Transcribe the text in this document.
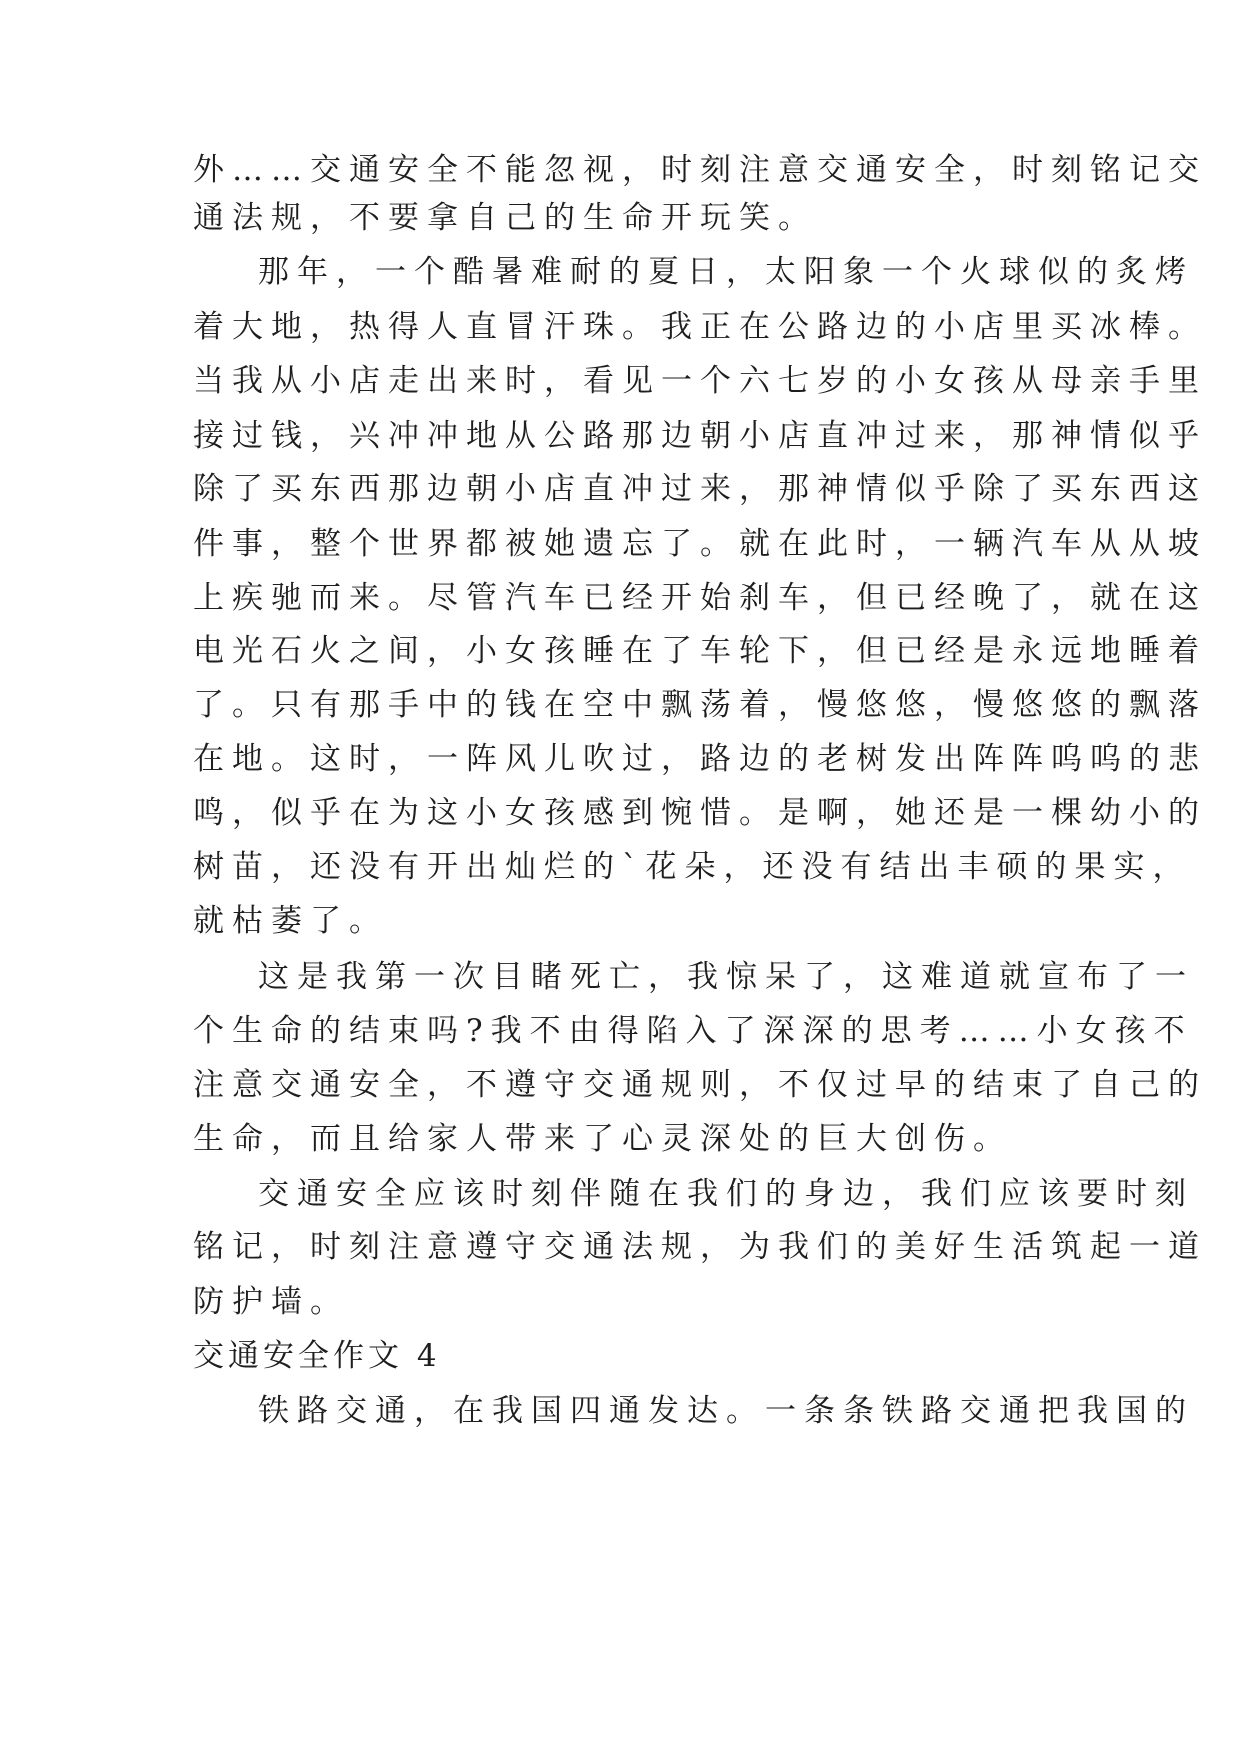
外……交通安全不能忽视，时刻注意交通安全，时刻铭记交

通法规，不要拿自己的生命开玩笑。

那年，一个酷暑难耐的夏日，太阳象一个火球似的炙烤

着大地，热得人直冒汗珠。我正在公路边的小店里买冰棒。

当我从小店走出来时，看见一个六七岁的小女孩从母亲手里

接过钱，兴冲冲地从公路那边朝小店直冲过来，那神情似乎

除了买东西那边朝小店直冲过来，那神情似乎除了买东西这

件事，整个世界都被她遗忘了。就在此时，一辆汽车从从坡

上疾驰而来。尽管汽车已经开始刹车，但已经晚了，就在这

电光石火之间，小女孩睡在了车轮下，但已经是永远地睡着

了。只有那手中的钱在空中飘荡着，慢悠悠，慢悠悠的飘落

在地。这时，一阵风儿吹过，路边的老树发出阵阵呜呜的悲

鸣，似乎在为这小女孩感到惋惜。是啊，她还是一棵幼小的

树苗，还没有开出灿烂的`花朵，还没有结出丰硕的果实，

就枯萎了。

这是我第一次目睹死亡，我惊呆了，这难道就宣布了一

个生命的结束吗?我不由得陷入了深深的思考……小女孩不

注意交通安全，不遵守交通规则，不仅过早的结束了自己的

生命，而且给家人带来了心灵深处的巨大创伤。

交通安全应该时刻伴随在我们的身边，我们应该要时刻

铭记，时刻注意遵守交通法规，为我们的美好生活筑起一道

防护墙。

交通安全作文 4

铁路交通，在我国四通发达。一条条铁路交通把我国的
